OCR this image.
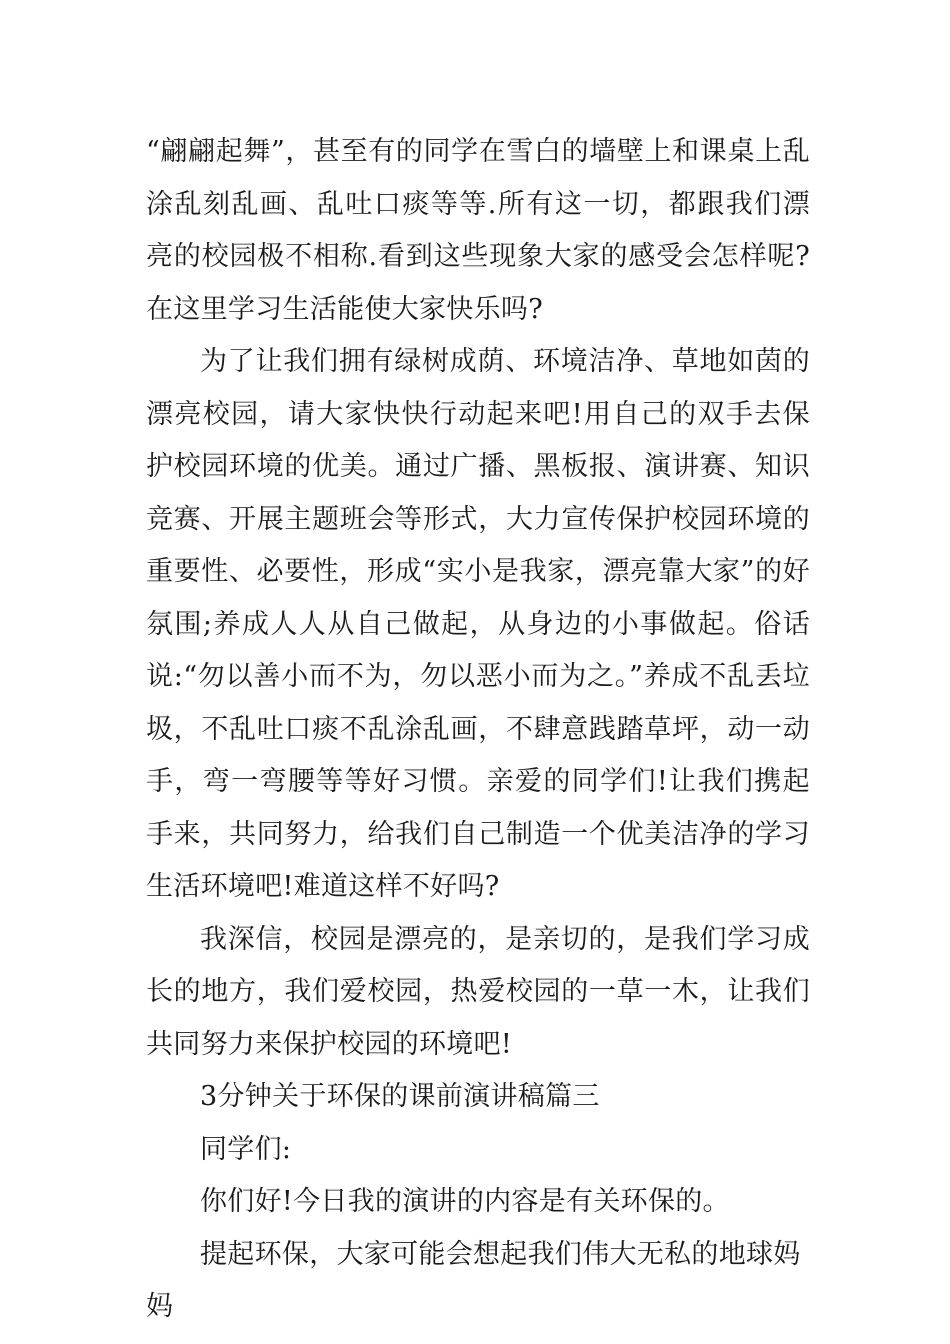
“翩翩起舞”，甚至有的同学在雪白的墙壁上和课桌上乱涂乱刻乱画、乱吐口痰等等.所有这一切，都跟我们漂亮的校园极不相称.看到这些现象大家的感受会怎样呢?在这里学习生活能使大家快乐吗?

为了让我们拥有绿树成荫、环境洁净、草地如茵的漂亮校园，请大家快快行动起来吧!用自己的双手去保护校园环境的优美。通过广播、黑板报、演讲赛、知识竞赛、开展主题班会等形式，大力宣传保护校园环境的重要性、必要性，形成“实小是我家，漂亮靠大家”的好氛围;养成人人从自己做起，从身边的小事做起。俗话说:“勿以善小而不为，勿以恶小而为之。”养成不乱丢垃圾，不乱吐口痰不乱涂乱画，不肆意践踏草坪，动一动手，弯一弯腰等等好习惯。亲爱的同学们!让我们携起手来，共同努力，给我们自己制造一个优美洁净的学习生活环境吧!难道这样不好吗?

我深信，校园是漂亮的，是亲切的，是我们学习成长的地方，我们爱校园，热爱校园的一草一木，让我们共同努力来保护校园的环境吧!

3分钟关于环保的课前演讲稿篇三

同学们:

你们好!今日我的演讲的内容是有关环保的。

提起环保，大家可能会想起我们伟大无私的地球妈妈
